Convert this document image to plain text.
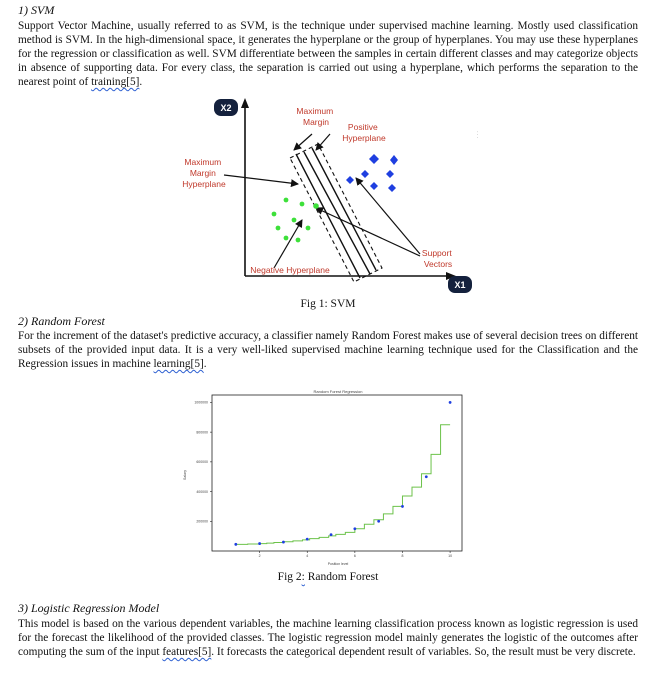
1) SVM
Support Vector Machine, usually referred to as SVM, is the technique under supervised machine learning. Mostly used classification method is SVM. In the high-dimensional space, it generates the hyperplane or the group of hyperplanes. You may use these hyperplanes for the regression or classification as well. SVM differentiate between the samples in certain different classes and may categorize objects in absence of supporting data. For every class, the separation is carried out using a hyperplane, which performs the separation to the nearest point of training[5].
X2
X1
Maximum Margin	Positive Hyperplane
Maximum Margin Hyperplane
Support Vectors
Negative Hyperplane
· · ·
Fig 1: SVM
2) Random Forest
For the increment of the dataset's predictive accuracy, a classifier namely Random Forest makes use of several decision trees on different subsets of the provided input data. It is a very well-liked supervised machine learning technique used for the Classification and the Regression issues in machine learning[5].
Random Forest Regression
Position level
Salary
200000
400000
600000
800000
1000000
2	4	6	8	10
Fig 2: Random Forest
3) Logistic Regression Model
This model is based on the various dependent variables, the machine learning classification process known as logistic regression is used for the forecast the likelihood of the provided classes. The logistic regression model mainly generates the logistic of the outcomes after computing the sum of the input features[5]. It forecasts the categorical dependent result of variables. So, the result must be very discrete.
